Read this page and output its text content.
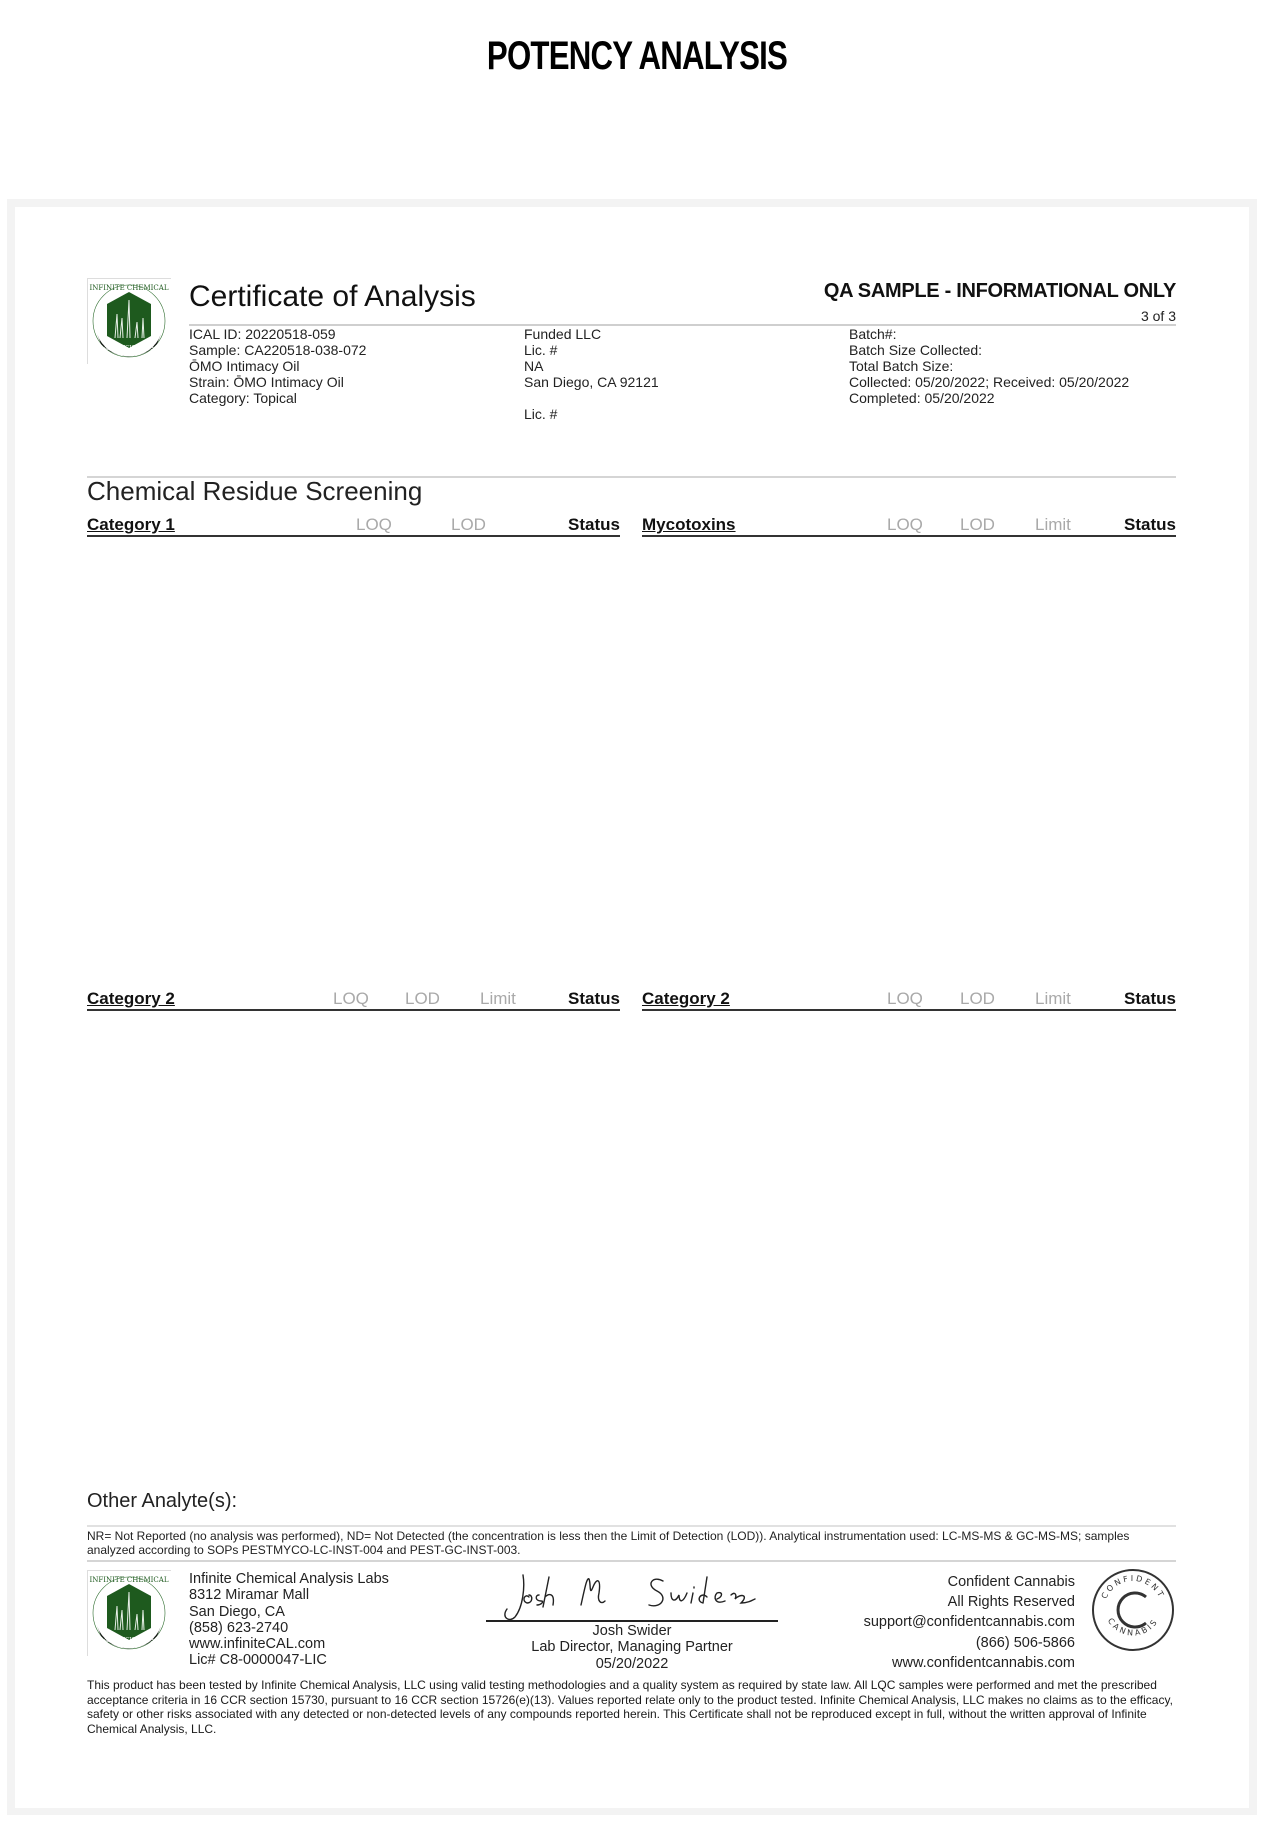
POTENCY ANALYSIS
INFINITE CHEMICAL
ANALYSIS LABS
Certificate of Analysis	QA SAMPLE - INFORMATIONAL ONLY
3 of 3
ICAL ID: 20220518-059
Sample: CA220518-038-072
ŌMO Intimacy Oil
Strain: ŌMO Intimacy Oil
Category: Topical
Funded LLC
Lic. #
NA
San Diego, CA 92121
Lic. #
Batch#:
Batch Size Collected:
Total Batch Size:
Collected: 05/20/2022; Received: 05/20/2022
Completed: 05/20/2022
Chemical Residue Screening
Category 1	LOQ	LOD	Status Mycotoxins	LOQ LOD Limit	Status
Category 2	LOQ LOD Limit	Status Category 2	LOQ LOD Limit	Status
Other Analyte(s):
NR= Not Reported (no analysis was performed), ND= Not Detected (the concentration is less then the Limit of Detection (LOD)). Analytical instrumentation used: LC-MS-MS & GC-MS-MS; samples analyzed according to SOPs PESTMYCO-LC-INST-004 and PEST-GC-INST-003.
INFINITE CHEMICAL
ANALYSIS LABS
Infinite Chemical Analysis Labs
8312 Miramar Mall
San Diego, CA
(858) 623-2740
www.infiniteCAL.com
Lic# C8-0000047-LIC
Josh Swider
Lab Director, Managing Partner
05/20/2022
Confident Cannabis
All Rights Reserved
support@confidentcannabis.com
(866) 506-5866
www.confidentcannabis.com
CONFIDENT
CANNABIS
This product has been tested by Infinite Chemical Analysis, LLC using valid testing methodologies and a quality system as required by state law. All LQC samples were performed and met the prescribed acceptance criteria in 16 CCR section 15730, pursuant to 16 CCR section 15726(e)(13). Values reported relate only to the product tested. Infinite Chemical Analysis, LLC makes no claims as to the efficacy, safety or other risks associated with any detected or non-detected levels of any compounds reported herein. This Certificate shall not be reproduced except in full, without the written approval of Infinite Chemical Analysis, LLC.
